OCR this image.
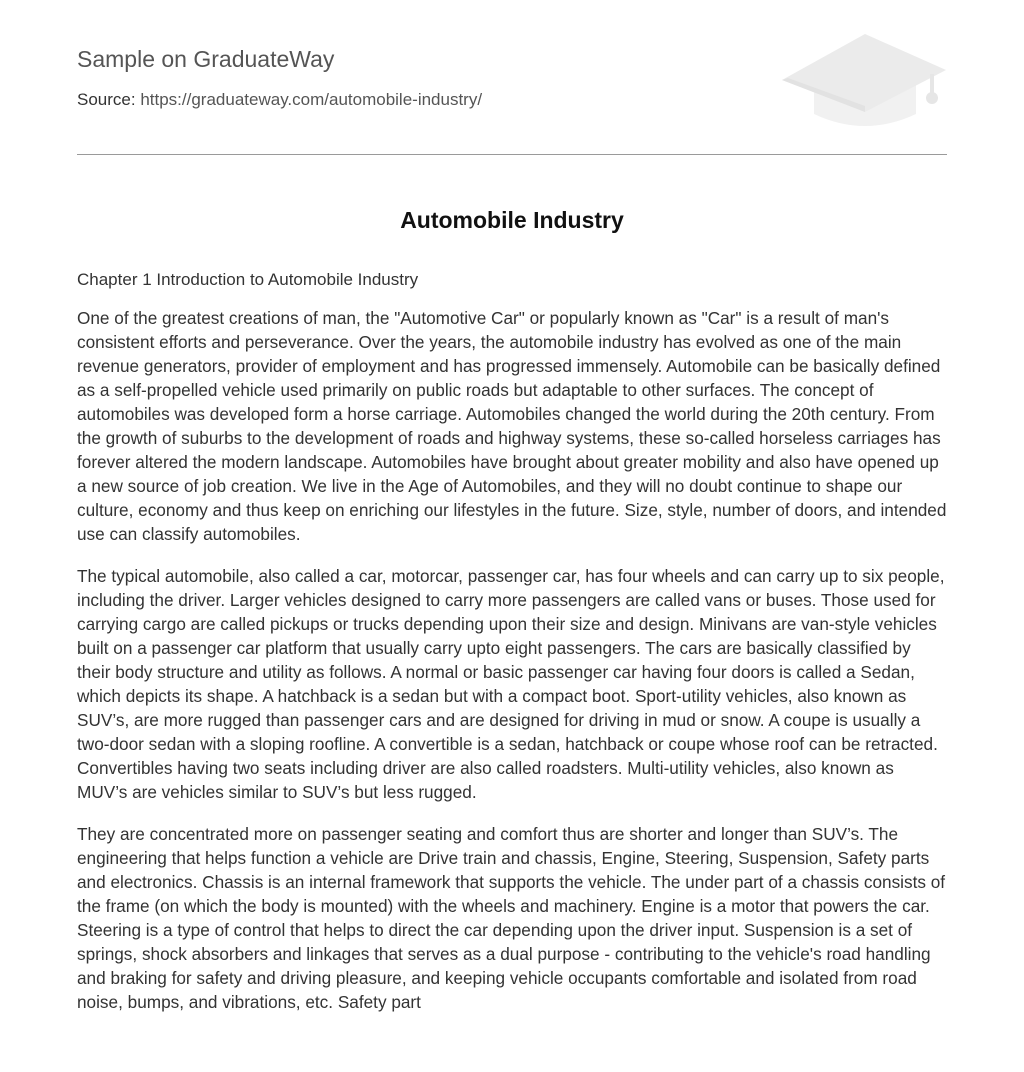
Sample on GraduateWay
Source: https://graduateway.com/automobile-industry/
Automobile Industry
Chapter 1 Introduction to Automobile Industry

One of the greatest creations of man, the "Automotive Car" or popularly known as "Car" is a result of man's consistent efforts and perseverance. Over the years, the automobile industry has evolved as one of the main revenue generators, provider of employment and has progressed immensely. Automobile can be basically defined as a self-propelled vehicle used primarily on public roads but adaptable to other surfaces. The concept of automobiles was developed form a horse carriage. Automobiles changed the world during the 20th century. From the growth of suburbs to the development of roads and highway systems, these so-called horseless carriages has forever altered the modern landscape. Automobiles have brought about greater mobility and also have opened up a new source of job creation. We live in the Age of Automobiles, and they will no doubt continue to shape our culture, economy and thus keep on enriching our lifestyles in the future. Size, style, number of doors, and intended use can classify automobiles.

The typical automobile, also called a car, motorcar, passenger car, has four wheels and can carry up to six people, including the driver. Larger vehicles designed to carry more passengers are called vans or buses. Those used for carrying cargo are called pickups or trucks depending upon their size and design. Minivans are van-style vehicles built on a passenger car platform that usually carry upto eight passengers. The cars are basically classified by their body structure and utility as follows. A normal or basic passenger car having four doors is called a Sedan, which depicts its shape. A hatchback is a sedan but with a compact boot. Sport-utility vehicles, also known as SUV’s, are more rugged than passenger cars and are designed for driving in mud or snow. A coupe is usually a two-door sedan with a sloping roofline. A convertible is a sedan, hatchback or coupe whose roof can be retracted. Convertibles having two seats including driver are also called roadsters. Multi-utility vehicles, also known as MUV’s are vehicles similar to SUV’s but less rugged.

They are concentrated more on passenger seating and comfort thus are shorter and longer than SUV’s. The engineering that helps function a vehicle are Drive train and chassis, Engine, Steering, Suspension, Safety parts and electronics. Chassis is an internal framework that supports the vehicle. The under part of a chassis consists of the frame (on which the body is mounted) with the wheels and machinery. Engine is a motor that powers the car. Steering is a type of control that helps to direct the car depending upon the driver input. Suspension is a set of springs, shock absorbers and linkages that serves as a dual purpose - contributing to the vehicle's road handling and braking for safety and driving pleasure, and keeping vehicle occupants comfortable and isolated from road noise, bumps, and vibrations, etc. Safety part
